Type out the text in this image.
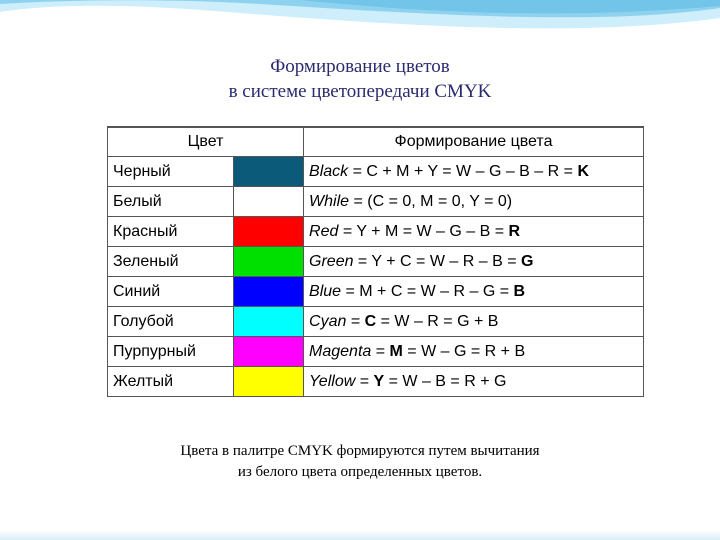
Формирование цветов
в системе цветопередачи CMYK
Цвет		Формирование цвета
Черный		Black = C + M + Y = W – G – B – R = K
Белый		While = (C = 0, M = 0, Y = 0)
Красный		Red = Y + M = W – G – B = R
Зеленый		Green = Y + C = W – R – B = G
Синий		Blue = M + C = W – R – G = B
Голубой		Cyan = C = W – R = G + B
Пурпурный		Magenta = M = W – G = R + B
Желтый		Yellow = Y = W – B = R + G
Цвета в палитре CMYK формируются путем вычитания
из белого цвета определенных цветов.
